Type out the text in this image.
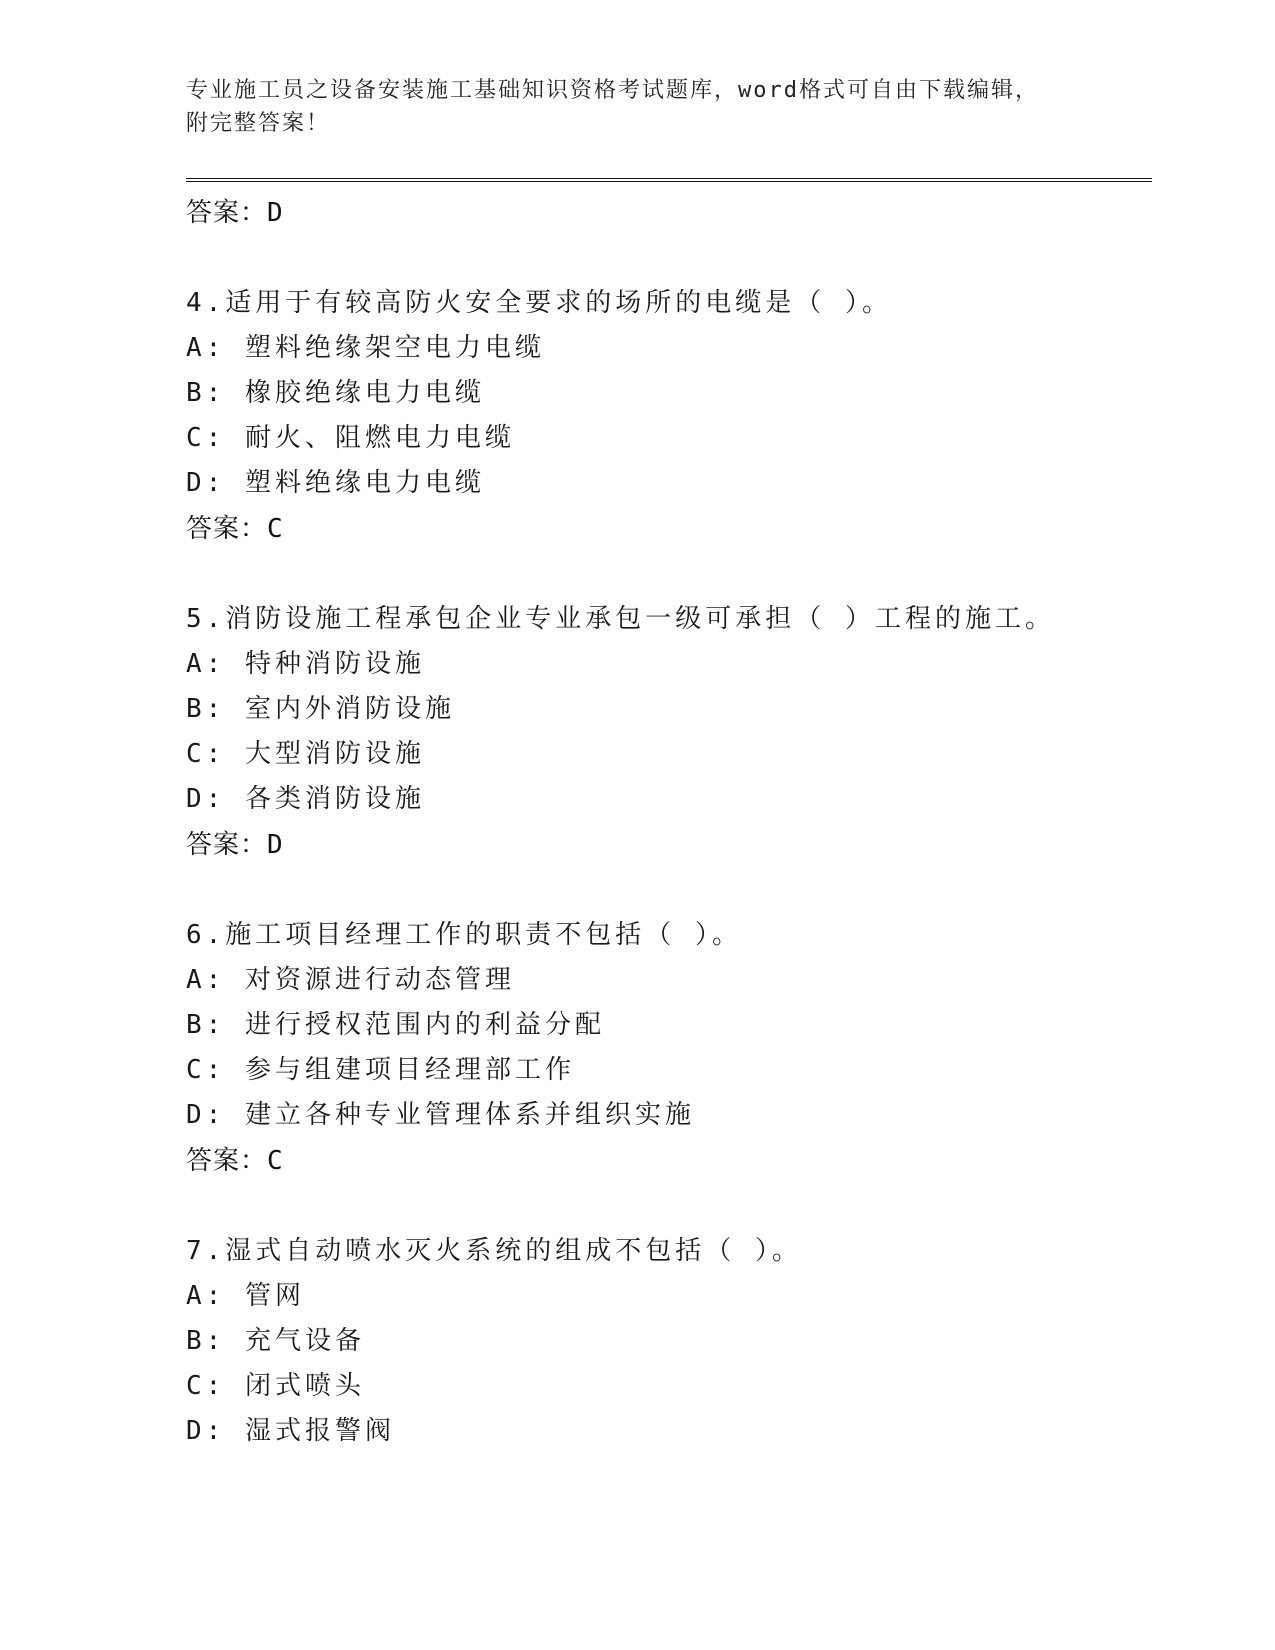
专业施工员之设备安装施工基础知识资格考试题库，word格式可自由下载编辑，
附完整答案！
答案：D
4.适用于有较高防火安全要求的场所的电缆是（ ）。
A: 塑料绝缘架空电力电缆
B: 橡胶绝缘电力电缆
C: 耐火、阻燃电力电缆
D: 塑料绝缘电力电缆
答案：C
5.消防设施工程承包企业专业承包一级可承担（ ）工程的施工。
A: 特种消防设施
B: 室内外消防设施
C: 大型消防设施
D: 各类消防设施
答案：D
6.施工项目经理工作的职责不包括（ ）。
A: 对资源进行动态管理
B: 进行授权范围内的利益分配
C: 参与组建项目经理部工作
D: 建立各种专业管理体系并组织实施
答案：C
7.湿式自动喷水灭火系统的组成不包括（ ）。
A: 管网
B: 充气设备
C: 闭式喷头
D: 湿式报警阀
